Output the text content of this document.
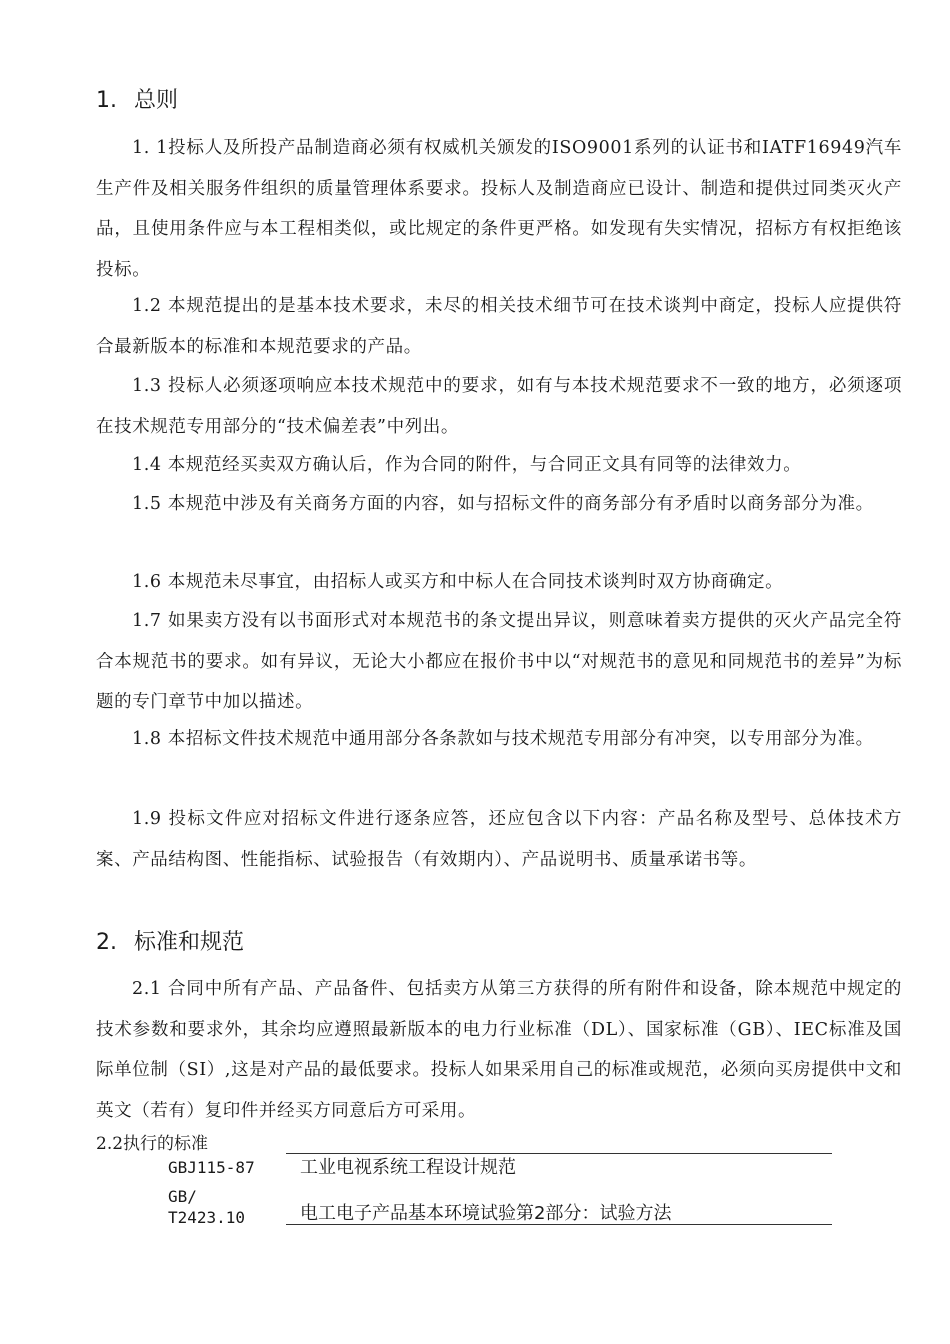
1. 总则

1. 1投标人及所投产品制造商必须有权威机关颁发的ISO9001系列的认证书和IATF16949汽车生产件及相关服务件组织的质量管理体系要求。投标人及制造商应已设计、制造和提供过同类灭火产品，且使用条件应与本工程相类似，或比规定的条件更严格。如发现有失实情况，招标方有权拒绝该投标。

1.2 本规范提出的是基本技术要求，未尽的相关技术细节可在技术谈判中商定，投标人应提供符合最新版本的标准和本规范要求的产品。

1.3 投标人必须逐项响应本技术规范中的要求，如有与本技术规范要求不一致的地方，必须逐项在技术规范专用部分的“技术偏差表”中列出。

1.4 本规范经买卖双方确认后，作为合同的附件，与合同正文具有同等的法律效力。

1.5 本规范中涉及有关商务方面的内容，如与招标文件的商务部分有矛盾时以商务部分为准。

1.6 本规范未尽事宜，由招标人或买方和中标人在合同技术谈判时双方协商确定。

1.7 如果卖方没有以书面形式对本规范书的条文提出异议，则意味着卖方提供的灭火产品完全符合本规范书的要求。如有异议，无论大小都应在报价书中以“对规范书的意见和同规范书的差异”为标题的专门章节中加以描述。

1.8 本招标文件技术规范中通用部分各条款如与技术规范专用部分有冲突，以专用部分为准。

1.9 投标文件应对招标文件进行逐条应答，还应包含以下内容：产品名称及型号、总体技术方案、产品结构图、性能指标、试验报告（有效期内）、产品说明书、质量承诺书等。

2. 标准和规范

2.1 合同中所有产品、产品备件、包括卖方从第三方获得的所有附件和设备，除本规范中规定的技术参数和要求外，其余均应遵照最新版本的电力行业标准（DL）、国家标准（GB）、IEC标准及国际单位制（SI）,这是对产品的最低要求。投标人如果采用自己的标准或规范，必须向买房提供中文和英文（若有）复印件并经买方同意后方可采用。

2.2执行的标准
GBJ115-87	工业电视系统工程设计规范
GB/
T2423.10	电工电子产品基本环境试验第2部分：试验方法
